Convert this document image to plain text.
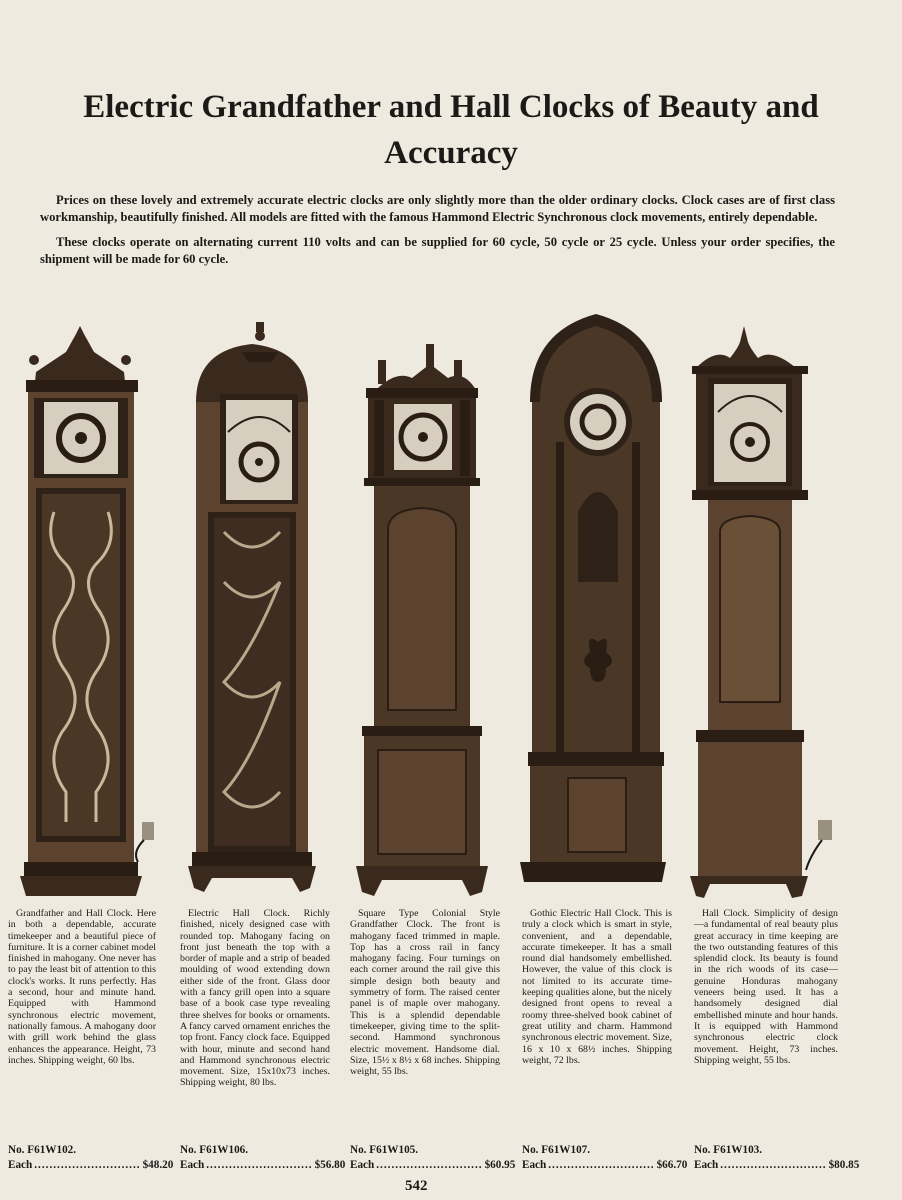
Electric Grandfather and Hall Clocks of Beauty and Accuracy

Prices on these lovely and extremely accurate electric clocks are only slightly more than the older ordinary clocks. Clock cases are of first class workmanship, beautifully finished. All models are fitted with the famous Hammond Electric Synchronous clock movements, entirely dependable.

These clocks operate on alternating current 110 volts and can be supplied for 60 cycle, 50 cycle or 25 cycle. Unless your order specifies, the shipment will be made for 60 cycle.

Grandfather and Hall Clock. Here in both a dependable, accurate timekeeper and a beautiful piece of furniture. It is a corner cabinet model finished in mahogany. One never has to pay the least bit of attention to this clock's works. It runs perfectly. Has a second, hour and minute hand. Equipped with Hammond synchronous electric movement, nationally famous. A mahogany door with grill work behind the glass enhances the appearance. Height, 73 inches. Shipping weight, 60 lbs.

Electric Hall Clock. Richly finished, nicely designed case with rounded top. Mahogany facing on front just beneath the top with a border of maple and a strip of beaded moulding of wood extending down either side of the front. Glass door with a fancy grill open into a square base of a book case type revealing three shelves for books or ornaments. A fancy carved ornament enriches the top front. Fancy clock face. Equipped with hour, minute and second hand and Hammond synchronous electric movement. Size, 15x10x73 inches. Shipping weight, 80 lbs.

Square Type Colonial Style Grandfather Clock. The front is mahogany faced trimmed in maple. Top has a cross rail in fancy mahogany facing. Four turnings on each corner around the rail give this simple design both beauty and symmetry of form. The raised center panel is of maple over mahogany. This is a splendid dependable timekeeper, giving time to the split-second. Hammond synchronous electric movement. Handsome dial. Size, 15½ x 8½ x 68 inches. Shipping weight, 55 lbs.

Gothic Electric Hall Clock. This is truly a clock which is smart in style, convenient, and a dependable, accurate timekeeper. It has a small round dial handsomely embellished. However, the value of this clock is not limited to its accurate time-keeping qualities alone, but the nicely designed front opens to reveal a roomy three-shelved book cabinet of great utility and charm. Hammond synchronous electric movement. Size, 16 x 10 x 68½ inches. Shipping weight, 72 lbs.

Hall Clock. Simplicity of design—a fundamental of real beauty plus great accuracy in time keeping are the two outstanding features of this splendid clock. Its beauty is found in the rich woods of its case—genuine Honduras mahogany veneers being used. It has a handsomely designed dial embellished minute and hour hands. It is equipped with Hammond synchronous electric clock movement. Height, 73 inches. Shipping weight, 55 lbs.

No. F61W102.	No. F61W106.	No. F61W105.	No. F61W107.	No. F61W103.
Each ............................ $48.20 Each ............................ $56.80 Each ............................ $60.95 Each ............................ $66.70 Each ............................ $80.85
542
